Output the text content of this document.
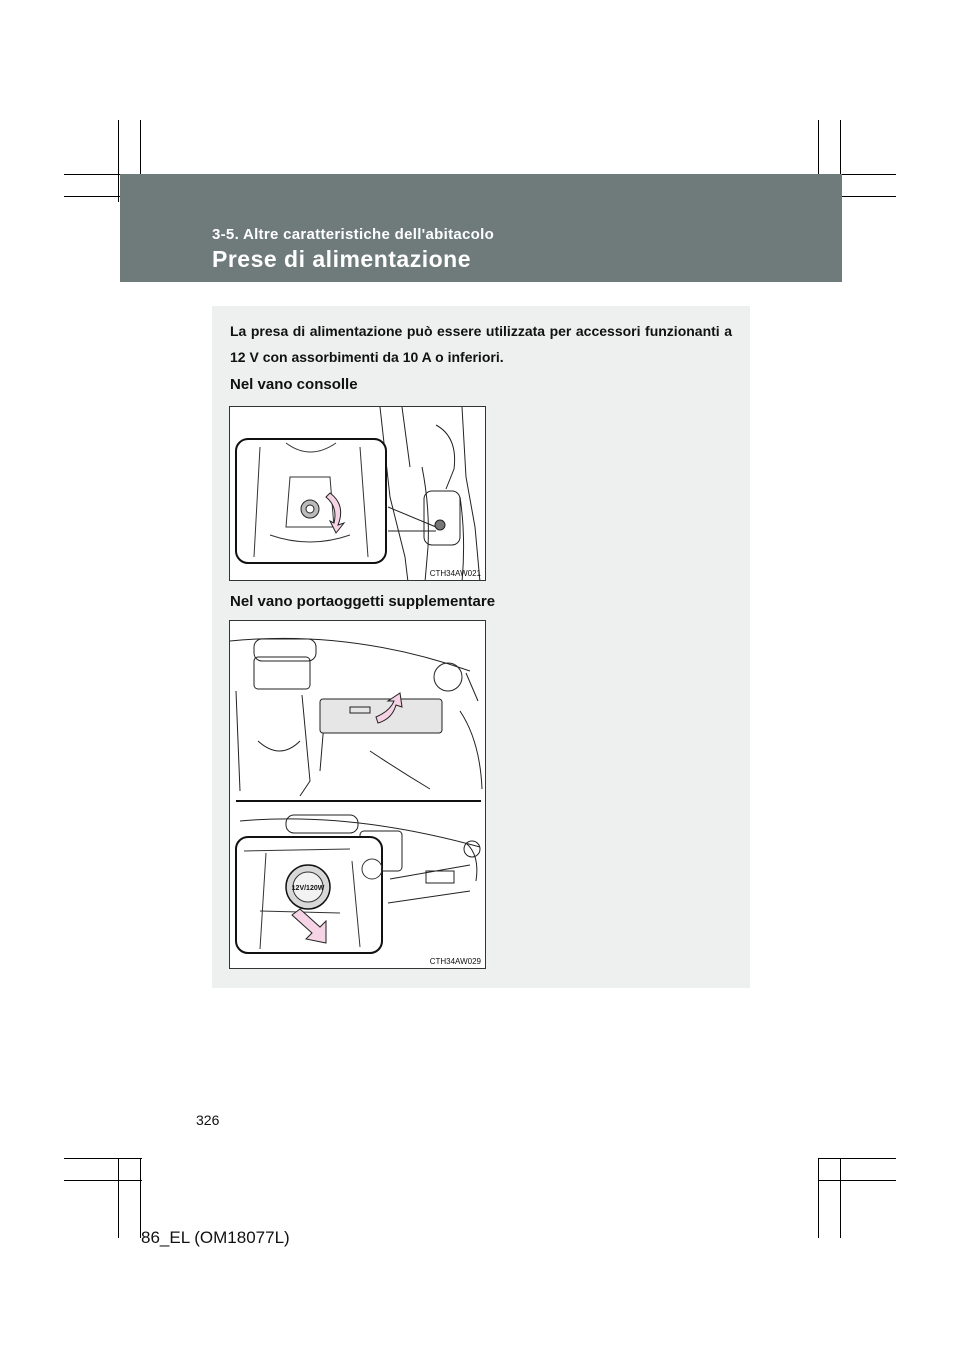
3-5. Altre caratteristiche dell'abitacolo
Prese di alimentazione
La presa di alimentazione può essere utilizzata per accessori funzionanti a 12 V con assorbimenti da 10 A o inferiori.
Nel vano consolle
CTH34AW021
Nel vano portaoggetti supplementare
12V/120W
CTH34AW029
326
86_EL (OM18077L)
